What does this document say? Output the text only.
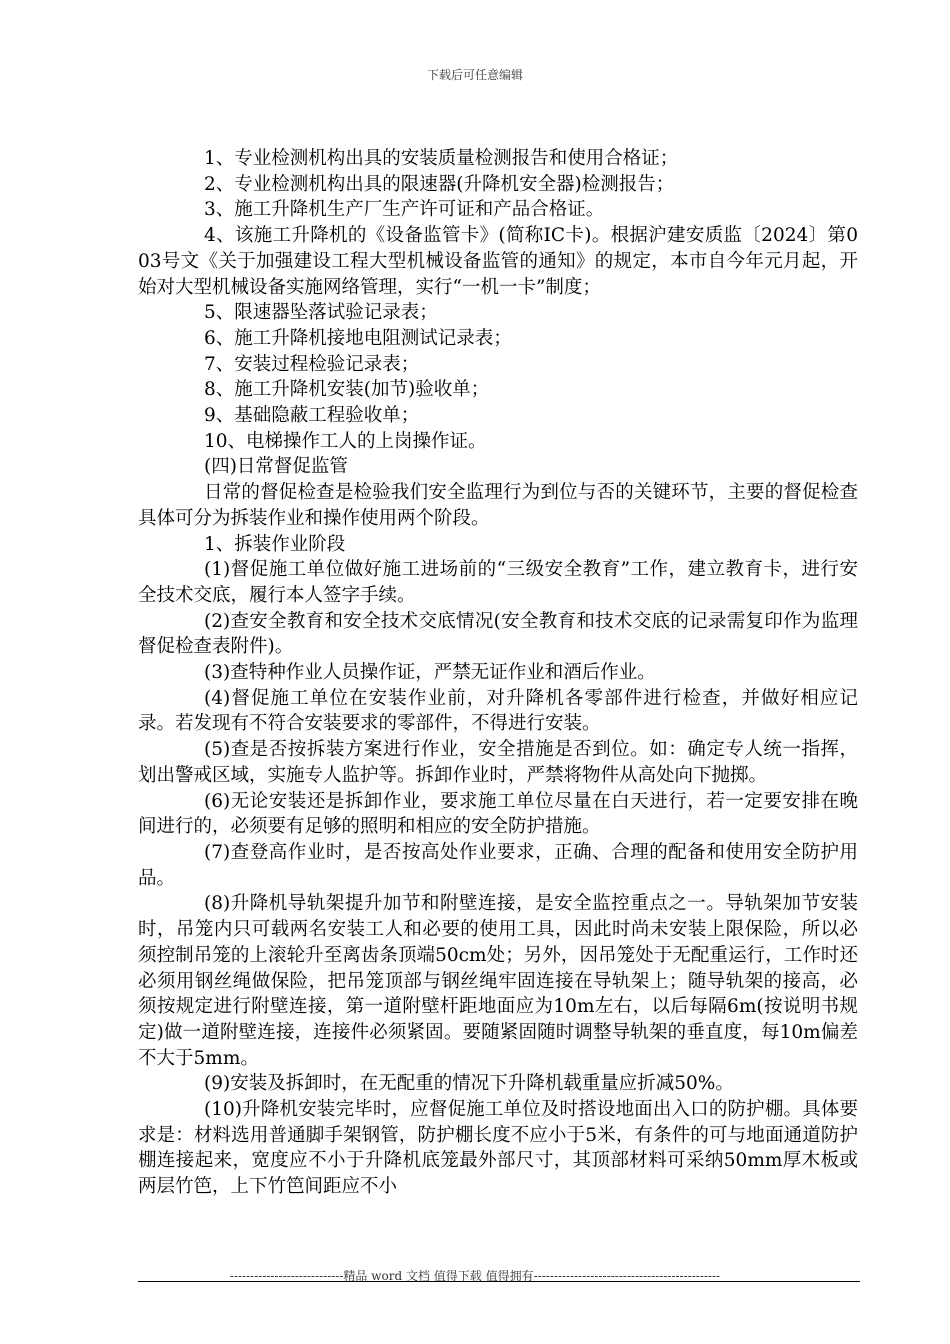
下载后可任意编辑

1、专业检测机构出具的安装质量检测报告和使用合格证；

2、专业检测机构出具的限速器(升降机安全器)检测报告；

3、施工升降机生产厂生产许可证和产品合格证。

4、该施工升降机的《设备监管卡》(简称IC卡)。根据沪建安质监〔2024〕第003号文《关于加强建设工程大型机械设备监管的通知》的规定，本市自今年元月起，开始对大型机械设备实施网络管理，实行“一机一卡”制度；

5、限速器坠落试验记录表；

6、施工升降机接地电阻测试记录表；

7、安装过程检验记录表；

8、施工升降机安装(加节)验收单；

9、基础隐蔽工程验收单；

10、电梯操作工人的上岗操作证。

(四)日常督促监管

日常的督促检查是检验我们安全监理行为到位与否的关键环节，主要的督促检查具体可分为拆装作业和操作使用两个阶段。

1、拆装作业阶段

(1)督促施工单位做好施工进场前的“三级安全教育”工作，建立教育卡，进行安全技术交底，履行本人签字手续。

(2)查安全教育和安全技术交底情况(安全教育和技术交底的记录需复印作为监理督促检查表附件)。

(3)查特种作业人员操作证，严禁无证作业和酒后作业。

(4)督促施工单位在安装作业前，对升降机各零部件进行检查，并做好相应记录。若发现有不符合安装要求的零部件，不得进行安装。

(5)查是否按拆装方案进行作业，安全措施是否到位。如：确定专人统一指挥，划出警戒区域，实施专人监护等。拆卸作业时，严禁将物件从高处向下抛掷。

(6)无论安装还是拆卸作业，要求施工单位尽量在白天进行，若一定要安排在晚间进行的，必须要有足够的照明和相应的安全防护措施。

(7)查登高作业时，是否按高处作业要求，正确、合理的配备和使用安全防护用品。

(8)升降机导轨架提升加节和附壁连接，是安全监控重点之一。导轨架加节安装时，吊笼内只可载两名安装工人和必要的使用工具，因此时尚未安装上限保险，所以必须控制吊笼的上滚轮升至离齿条顶端50cm处；另外，因吊笼处于无配重运行，工作时还必须用钢丝绳做保险，把吊笼顶部与钢丝绳牢固连接在导轨架上；随导轨架的接高，必须按规定进行附壁连接，第一道附壁杆距地面应为10m左右，以后每隔6m(按说明书规定)做一道附壁连接，连接件必须紧固。要随紧固随时调整导轨架的垂直度，每10m偏差不大于5mm。

(9)安装及拆卸时，在无配重的情况下升降机载重量应折减50%。

(10)升降机安装完毕时，应督促施工单位及时搭设地面出入口的防护棚。具体要求是：材料选用普通脚手架钢管，防护棚长度不应小于5米，有条件的可与地面通道防护棚连接起来，宽度应不小于升降机底笼最外部尺寸，其顶部材料可采纳50mm厚木板或两层竹笆，上下竹笆间距应不小

----------------------------精品 word 文档 值得下载 值得拥有----------------------------------------------
